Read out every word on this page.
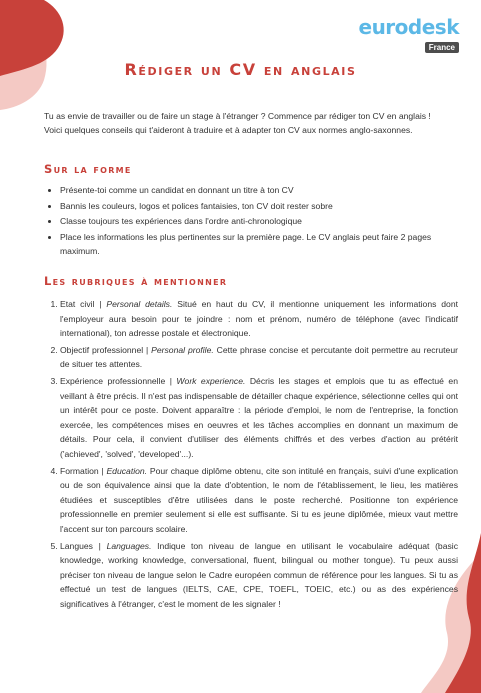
eurodesk
France
Rédiger un CV en anglais

Tu as envie de travailler ou de faire un stage à l'étranger ? Commence par rédiger ton CV en anglais ! Voici quelques conseils qui t'aideront à traduire et à adapter ton CV aux normes anglo-saxonnes.

Sur la forme
• Présente-toi comme un candidat en donnant un titre à ton CV
• Bannis les couleurs, logos et polices fantaisies, ton CV doit rester sobre
• Classe toujours tes expériences dans l'ordre anti-chronologique
• Place les informations les plus pertinentes sur la première page. Le CV anglais peut faire 2 pages maximum.
Les rubriques à mentionner
1. Etat civil | Personal details. Situé en haut du CV, il mentionne uniquement les informations dont l'employeur aura besoin pour te joindre : nom et prénom, numéro de téléphone (avec l'indicatif international), ton adresse postale et électronique.
2. Objectif professionnel | Personal profile. Cette phrase concise et percutante doit permettre au recruteur de situer tes attentes.
3. Expérience professionnelle | Work experience. Décris les stages et emplois que tu as effectué en veillant à être précis. Il n'est pas indispensable de détailler chaque expérience, sélectionne celles qui ont un intérêt pour ce poste. Doivent apparaître : la période d'emploi, le nom de l'entreprise, la fonction exercée, les compétences mises en oeuvres et les tâches accomplies en donnant un maximum de détails. Pour cela, il convient d'utiliser des éléments chiffrés et des verbes d'action au prétérit ('achieved', 'solved', 'developed'...).
4. Formation | Education. Pour chaque diplôme obtenu, cite son intitulé en français, suivi d'une explication ou de son équivalence ainsi que la date d'obtention, le nom de l'établissement, le lieu, les matières étudiées et susceptibles d'être utilisées dans le poste recherché. Positionne ton expérience professionnelle en premier seulement si elle est suffisante. Si tu es jeune diplômée, mieux vaut mettre l'accent sur ton parcours scolaire.
5. Langues | Languages. Indique ton niveau de langue en utilisant le vocabulaire adéquat (basic knowledge, working knowledge, conversational, fluent, bilingual ou mother tongue). Tu peux aussi préciser ton niveau de langue selon le Cadre européen commun de référence pour les langues. Si tu as effectué un test de langues (IELTS, CAE, CPE, TOEFL, TOEIC, etc.) ou as des expériences significatives à l'étranger, c'est le moment de les signaler !
